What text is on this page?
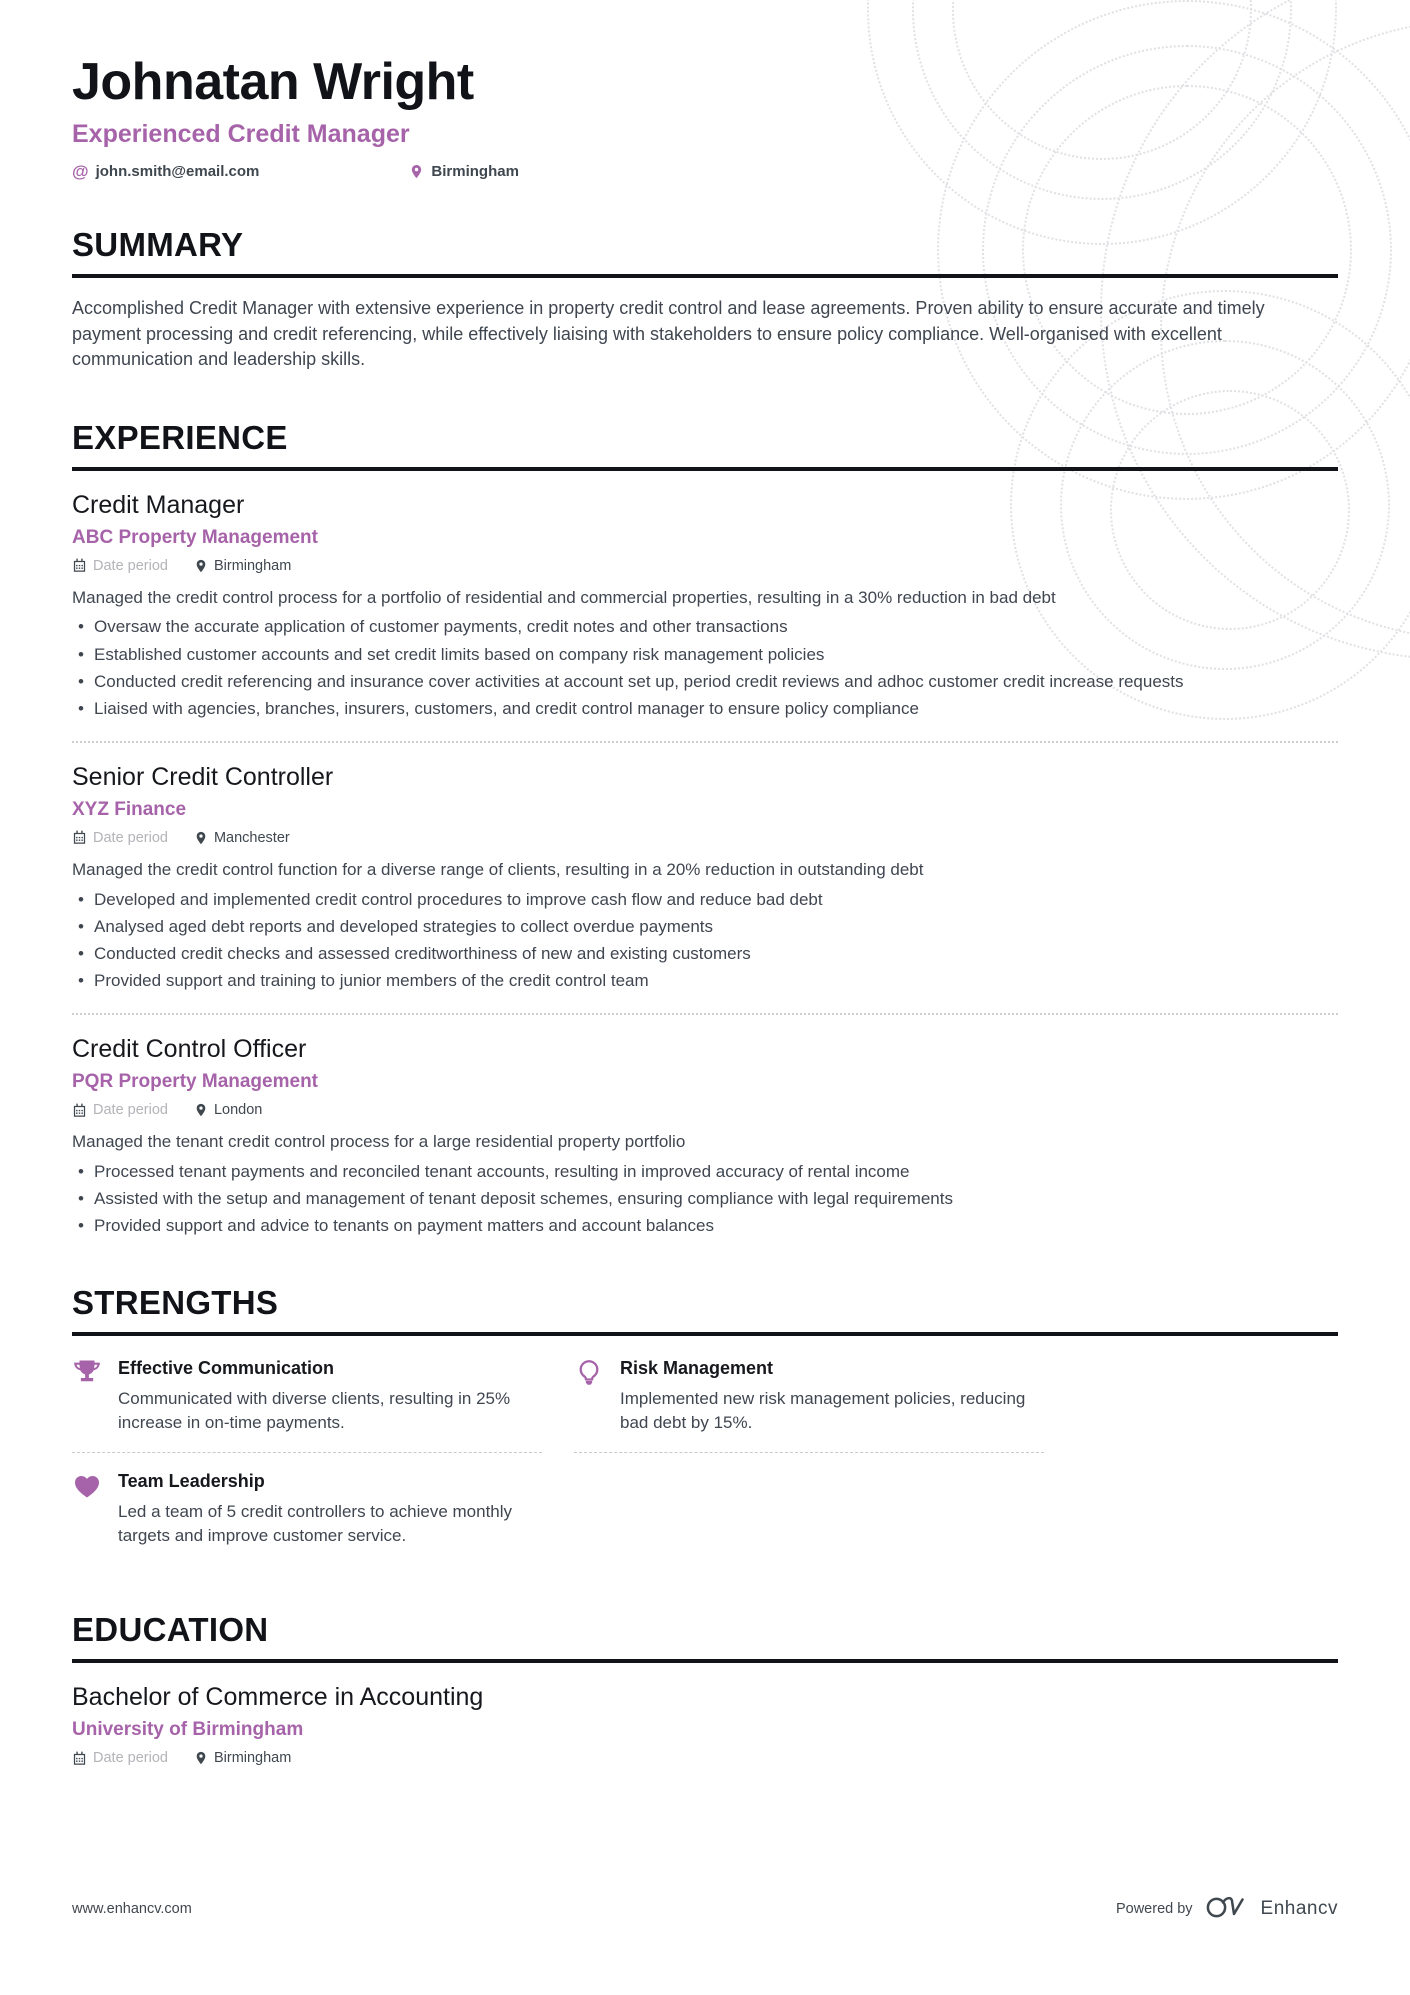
Johnatan Wright
Experienced Credit Manager
@ john.smith@email.com	Birmingham
SUMMARY

Accomplished Credit Manager with extensive experience in property credit control and lease agreements. Proven ability to ensure accurate and timely payment processing and credit referencing, while effectively liaising with stakeholders to ensure policy compliance. Well-organised with excellent communication and leadership skills.

EXPERIENCE
Credit Manager
ABC Property Management
Date period	Birmingham
Managed the credit control process for a portfolio of residential and commercial properties, resulting in a 30% reduction in bad debt
• Oversaw the accurate application of customer payments, credit notes and other transactions
• Established customer accounts and set credit limits based on company risk management policies
• Conducted credit referencing and insurance cover activities at account set up, period credit reviews and adhoc customer credit increase requests
• Liaised with agencies, branches, insurers, customers, and credit control manager to ensure policy compliance
Senior Credit Controller
XYZ Finance
Date period	Manchester
Managed the credit control function for a diverse range of clients, resulting in a 20% reduction in outstanding debt
• Developed and implemented credit control procedures to improve cash flow and reduce bad debt
• Analysed aged debt reports and developed strategies to collect overdue payments
• Conducted credit checks and assessed creditworthiness of new and existing customers
• Provided support and training to junior members of the credit control team
Credit Control Officer
PQR Property Management
Date period	London
Managed the tenant credit control process for a large residential property portfolio
• Processed tenant payments and reconciled tenant accounts, resulting in improved accuracy of rental income
• Assisted with the setup and management of tenant deposit schemes, ensuring compliance with legal requirements
• Provided support and advice to tenants on payment matters and account balances
STRENGTHS
Effective Communication
Communicated with diverse clients, resulting in 25% increase in on-time payments.
Risk Management
Implemented new risk management policies, reducing bad debt by 15%.
Team Leadership
Led a team of 5 credit controllers to achieve monthly targets and improve customer service.
EDUCATION
Bachelor of Commerce in Accounting
University of Birmingham
Date period	Birmingham
www.enhancv.com	Powered by	Enhancv
